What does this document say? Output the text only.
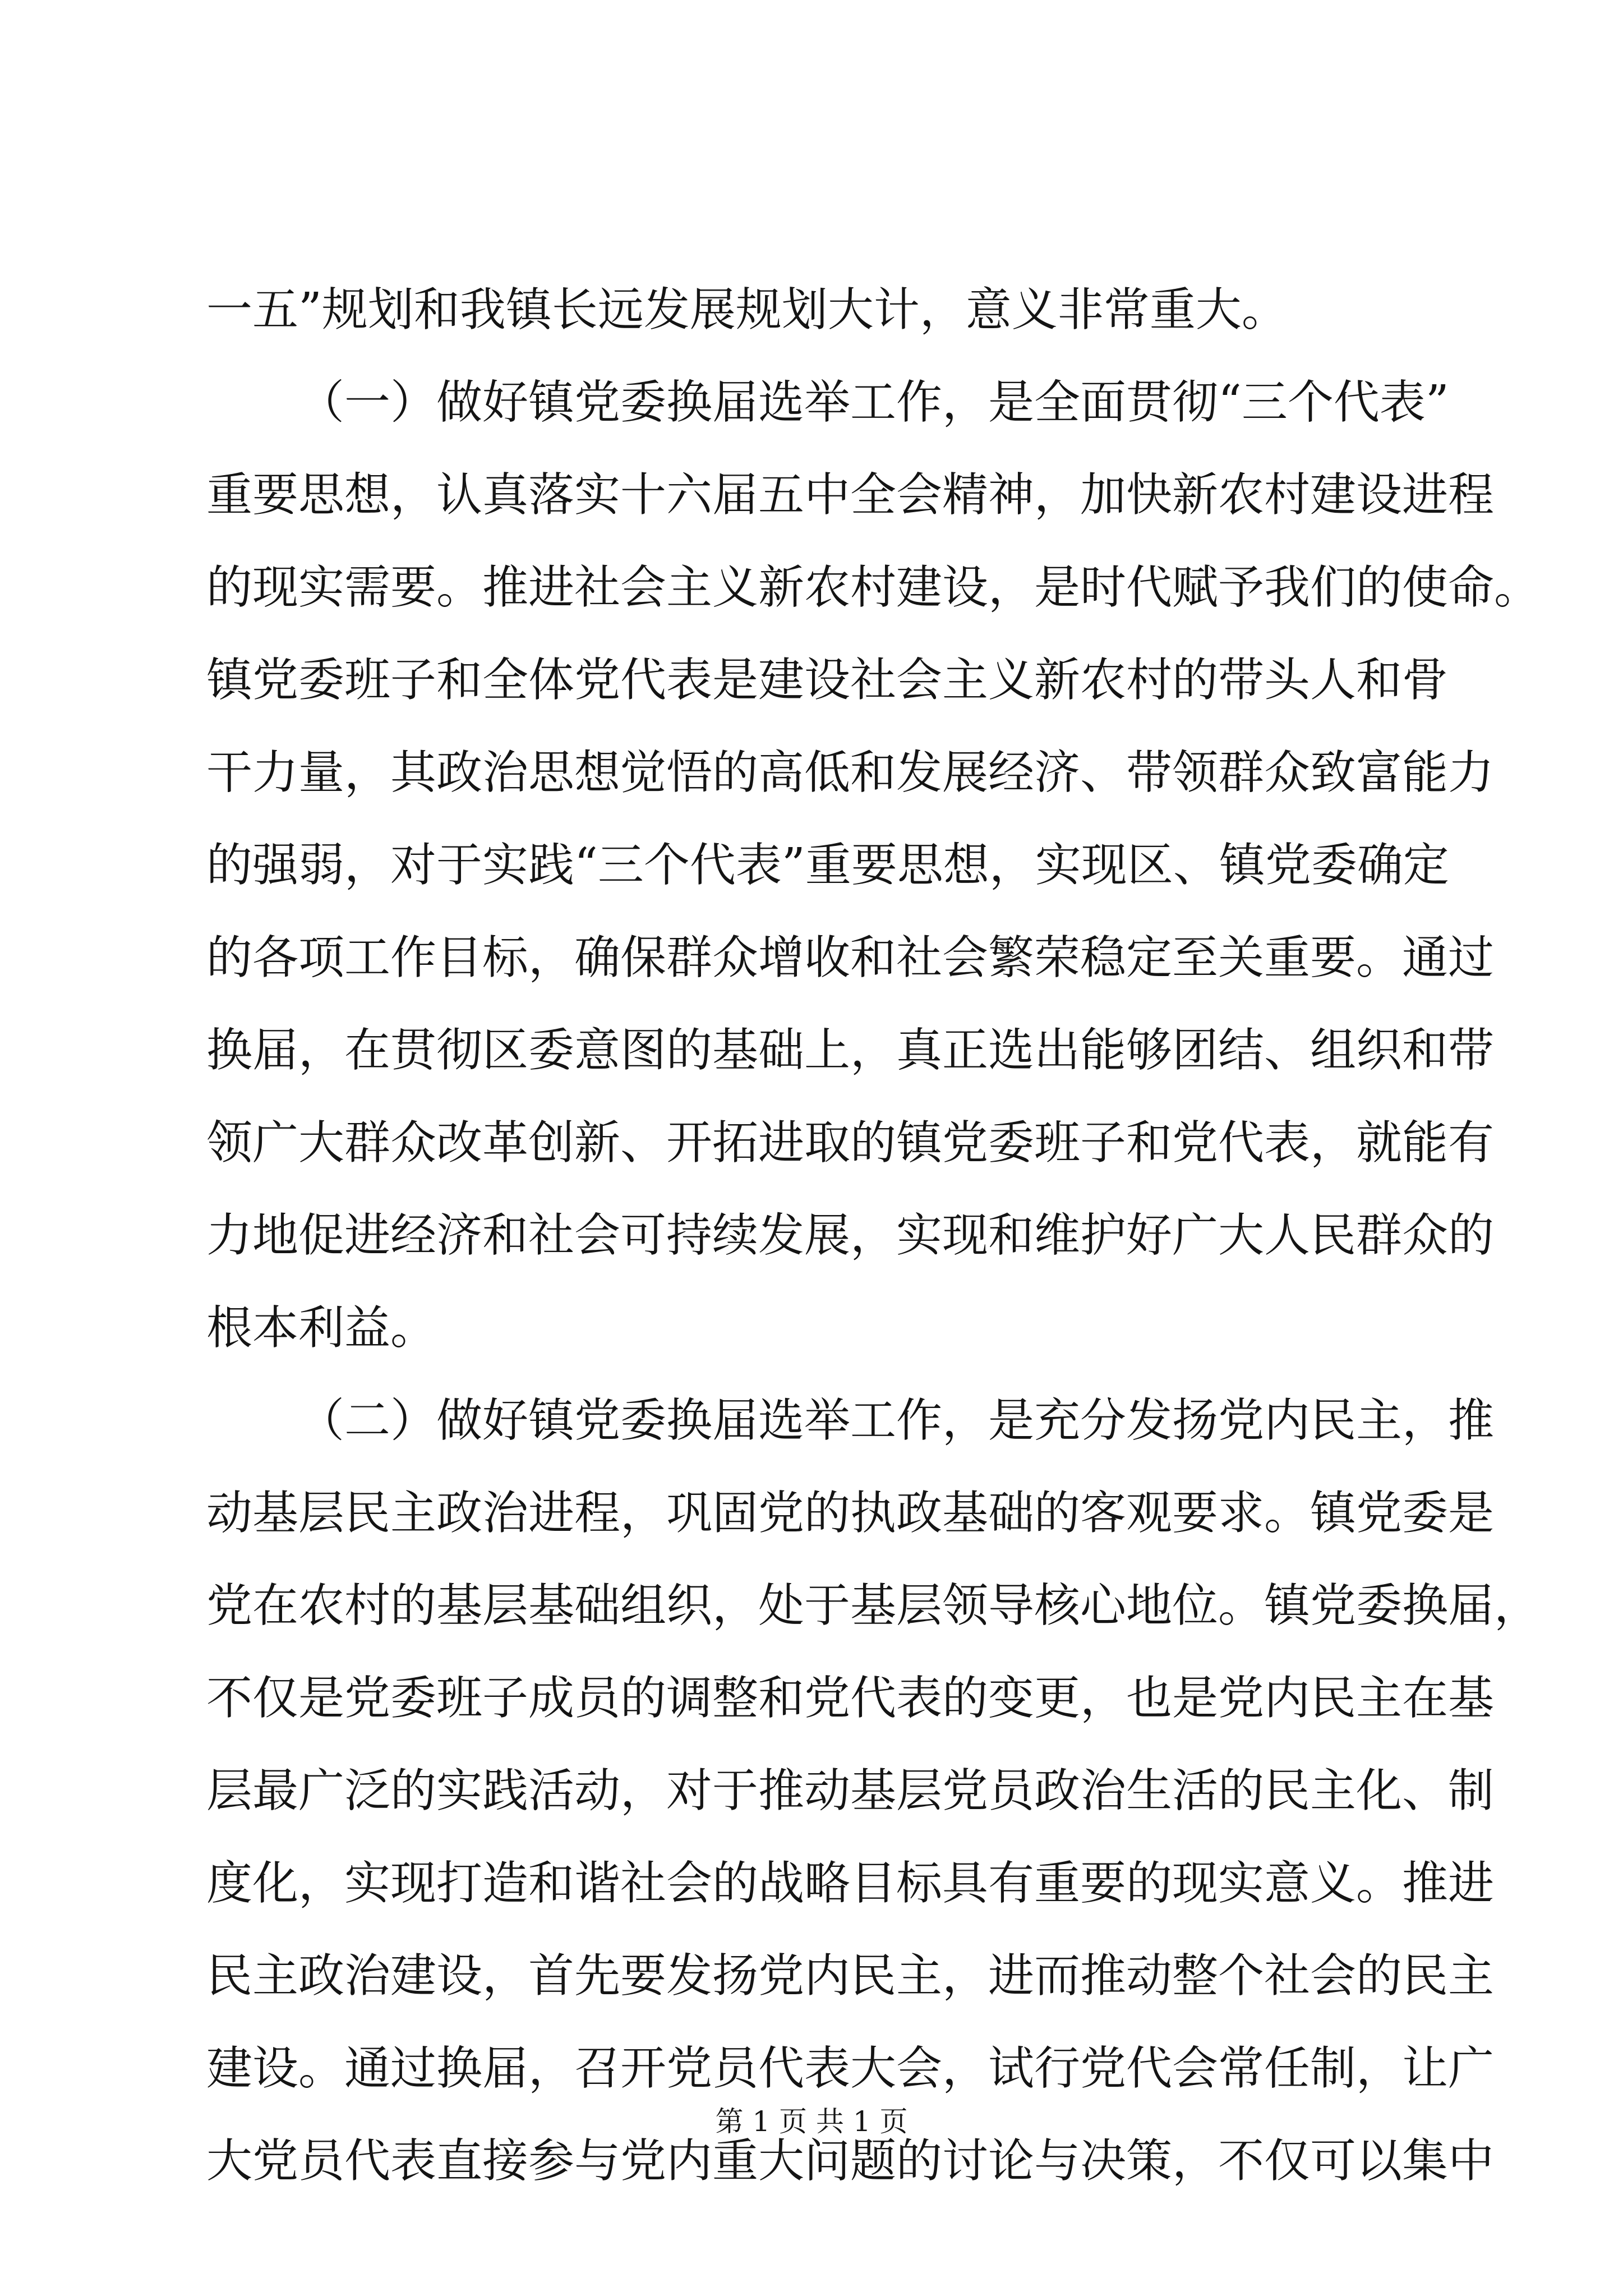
一五”规划和我镇长远发展规划大计，意义非常重大。
（一）做好镇党委换届选举工作，是全面贯彻“三个代表”
重要思想，认真落实十六届五中全会精神，加快新农村建设进程
的现实需要。推进社会主义新农村建设，是时代赋予我们的使命。
镇党委班子和全体党代表是建设社会主义新农村的带头人和骨
干力量，其政治思想觉悟的高低和发展经济、带领群众致富能力
的强弱，对于实践“三个代表”重要思想，实现区、镇党委确定
的各项工作目标，确保群众增收和社会繁荣稳定至关重要。通过
换届，在贯彻区委意图的基础上，真正选出能够团结、组织和带
领广大群众改革创新、开拓进取的镇党委班子和党代表，就能有
力地促进经济和社会可持续发展，实现和维护好广大人民群众的
根本利益。
（二）做好镇党委换届选举工作，是充分发扬党内民主，推
动基层民主政治进程，巩固党的执政基础的客观要求。镇党委是
党在农村的基层基础组织，处于基层领导核心地位。镇党委换届，
不仅是党委班子成员的调整和党代表的变更，也是党内民主在基
层最广泛的实践活动，对于推动基层党员政治生活的民主化、制
度化，实现打造和谐社会的战略目标具有重要的现实意义。推进
民主政治建设，首先要发扬党内民主，进而推动整个社会的民主
建设。通过换届，召开党员代表大会，试行党代会常任制，让广
大党员代表直接参与党内重大问题的讨论与决策，不仅可以集中
第 1 页 共 1 页
